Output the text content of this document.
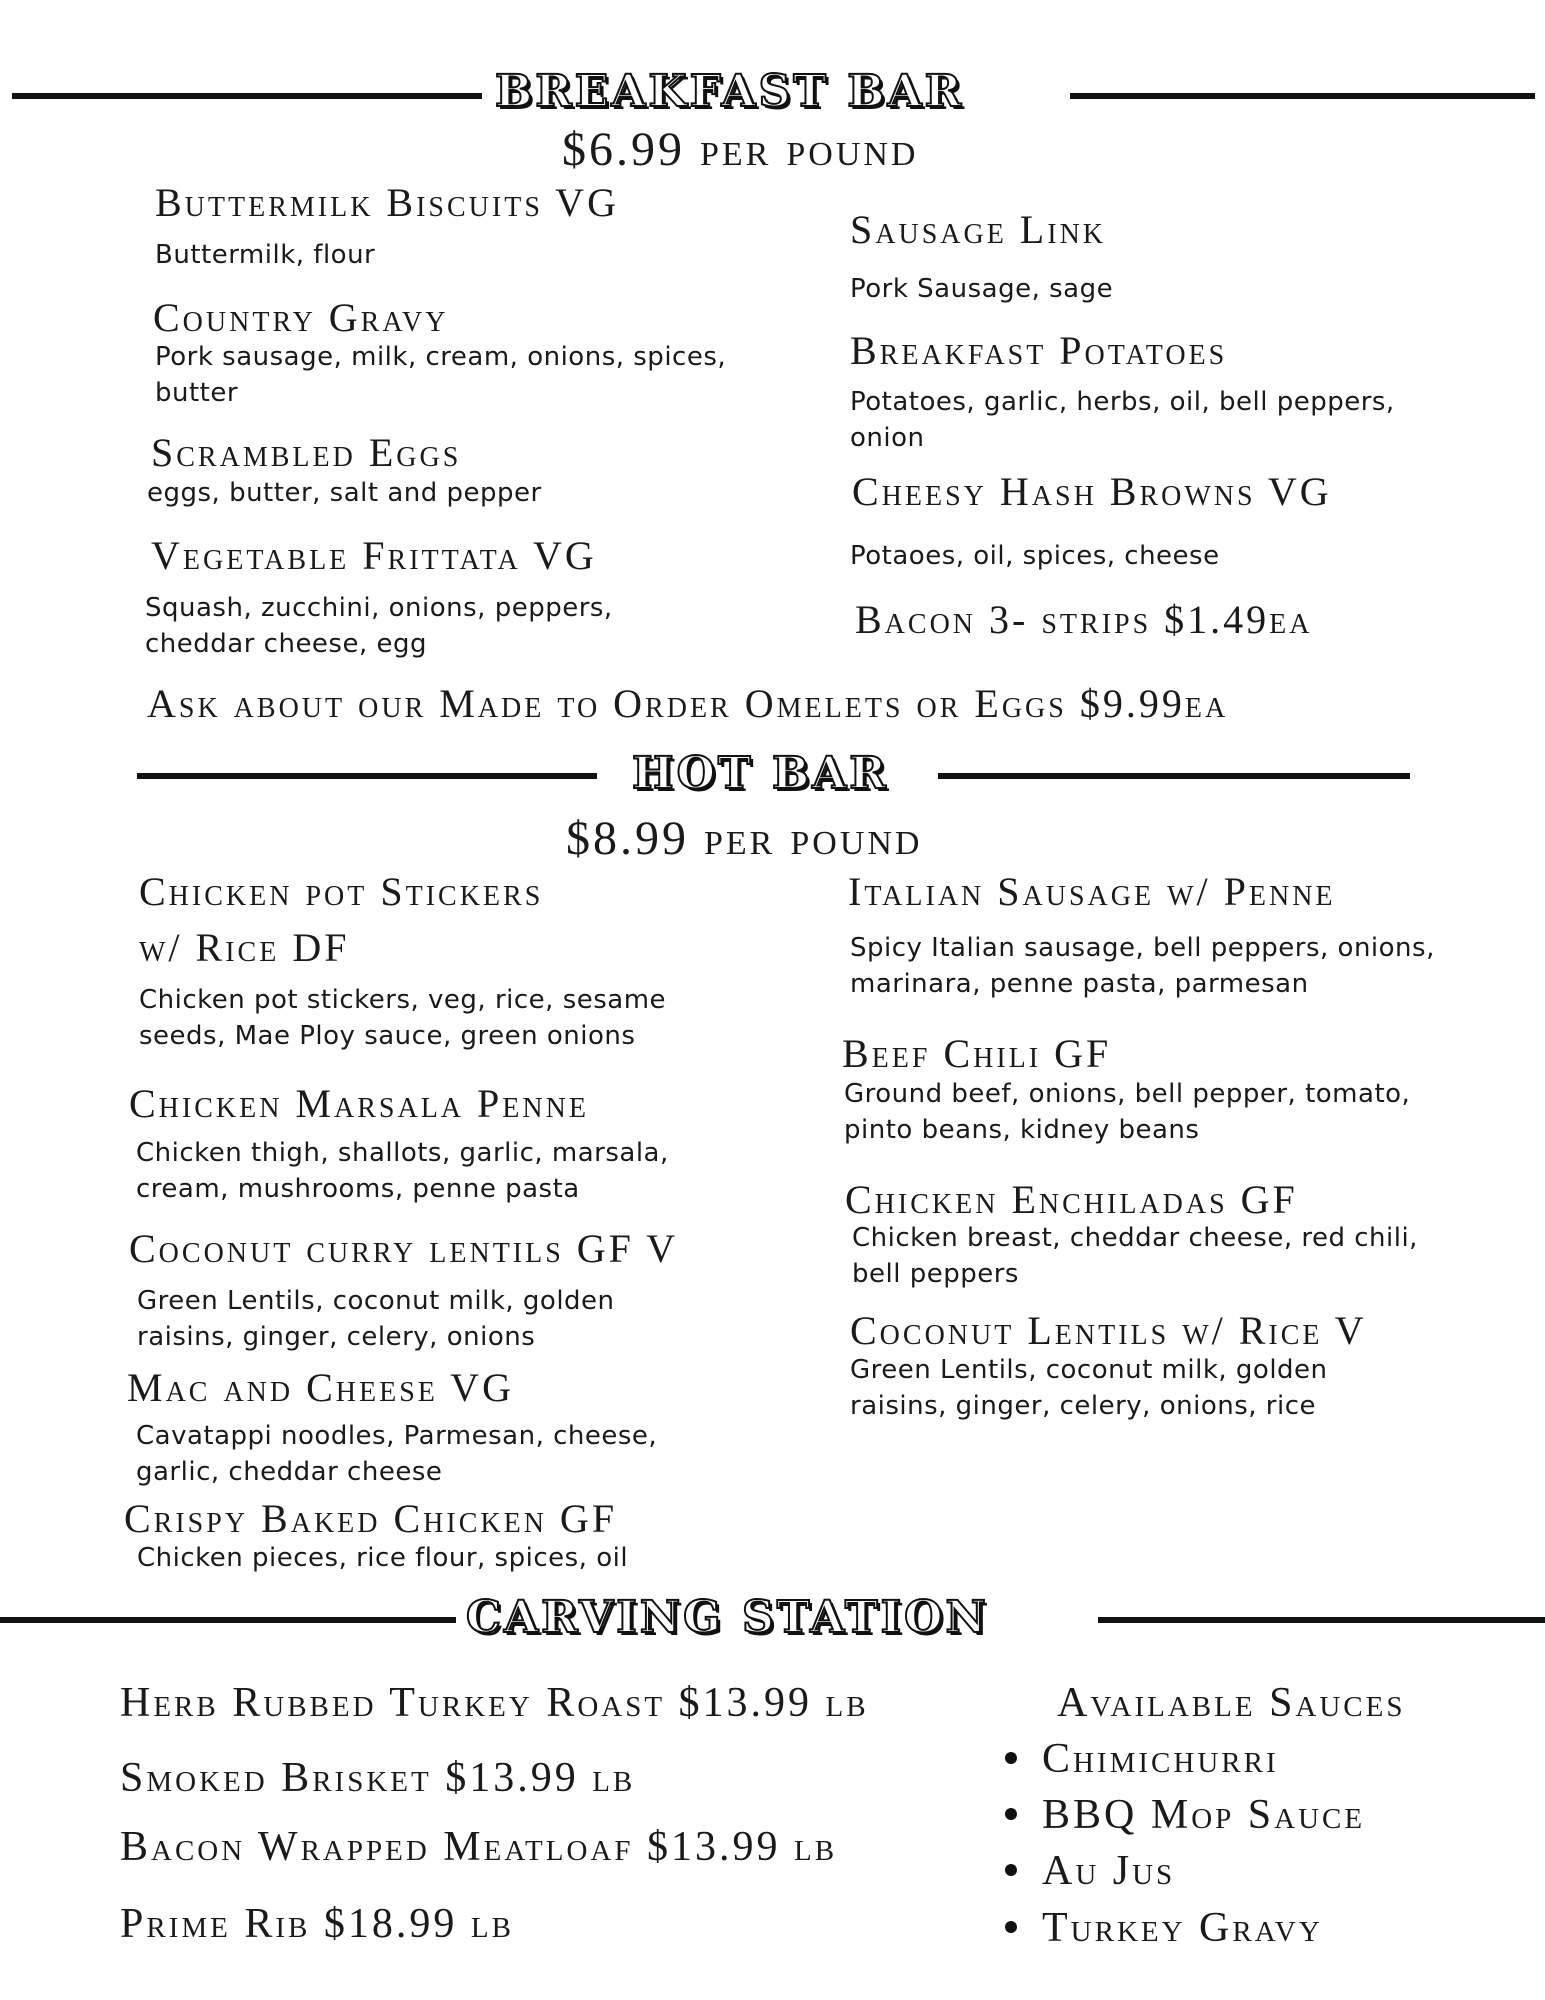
BREAKFAST BAR
$6.99 per pound
Buttermilk Biscuits VG
Buttermilk, flour
Country Gravy
Pork sausage, milk, cream, onions, spices, butter
Scrambled Eggs
eggs, butter, salt and pepper
Vegetable Frittata VG
Squash, zucchini, onions, peppers, cheddar cheese, egg
Sausage Link
Pork Sausage, sage
Breakfast Potatoes
Potatoes, garlic, herbs, oil, bell peppers, onion
Cheesy Hash Browns VG
Potaoes, oil, spices, cheese
Bacon 3- strips $1.49ea
Ask about our Made to Order Omelets or Eggs $9.99ea
HOT BAR
$8.99 per pound
Chicken pot Stickers
w/ Rice DF
Chicken pot stickers, veg, rice, sesame seeds, Mae Ploy sauce, green onions
Chicken Marsala Penne
Chicken thigh, shallots, garlic, marsala, cream, mushrooms, penne pasta
Coconut curry lentils GF V
Green Lentils, coconut milk, golden raisins, ginger, celery, onions
Mac and Cheese VG
Cavatappi noodles, Parmesan, cheese, garlic, cheddar cheese
Crispy Baked Chicken GF
Chicken pieces, rice flour, spices, oil
Italian Sausage w/ Penne
Spicy Italian sausage, bell peppers, onions, marinara, penne pasta, parmesan
Beef Chili GF
Ground beef, onions, bell pepper, tomato, pinto beans, kidney beans
Chicken Enchiladas GF
Chicken breast, cheddar cheese, red chili, bell peppers
Coconut Lentils w/ Rice V
Green Lentils, coconut milk, golden raisins, ginger, celery, onions, rice
CARVING STATION
Herb Rubbed Turkey Roast $13.99 lb
Smoked Brisket $13.99 lb
Bacon Wrapped Meatloaf $13.99 lb
Prime Rib $18.99 lb
Available Sauces
Chimichurri
BBQ Mop Sauce
Au Jus
Turkey Gravy
